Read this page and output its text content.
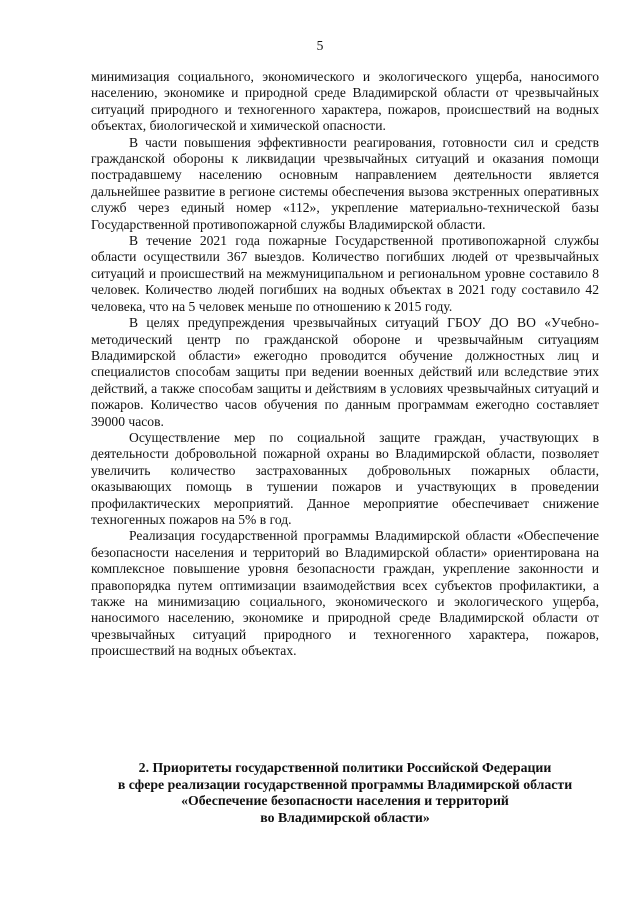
5

минимизация социального, экономического и экологического ущерба, наносимого населению, экономике и природной среде Владимирской области от чрезвычайных ситуаций природного и техногенного характера, пожаров, происшествий на водных объектах, биологической и химической опасности.

В части повышения эффективности реагирования, готовности сил и средств гражданской обороны к ликвидации чрезвычайных ситуаций и оказания помощи пострадавшему населению основным направлением деятельности является дальнейшее развитие в регионе системы обеспечения вызова экстренных оперативных служб через единый номер «112», укрепление материально-технической базы Государственной противопожарной службы Владимирской области.

В течение 2021 года пожарные Государственной противопожарной службы области осуществили 367 выездов. Количество погибших людей от чрезвычайных ситуаций и происшествий на межмуниципальном и региональном уровне составило 8 человек. Количество людей погибших на водных объектах в 2021 году составило 42 человека, что на 5 человек меньше по отношению к 2015 году.

В целях предупреждения чрезвычайных ситуаций ГБОУ ДО ВО «Учебно-методический центр по гражданской обороне и чрезвычайным ситуациям Владимирской области» ежегодно проводится обучение должностных лиц и специалистов способам защиты при ведении военных действий или вследствие этих действий, а также способам защиты и действиям в условиях чрезвычайных ситуаций и пожаров. Количество часов обучения по данным программам ежегодно составляет 39000 часов.

Осуществление мер по социальной защите граждан, участвующих в деятельности добровольной пожарной охраны во Владимирской области, позволяет увеличить количество застрахованных добровольных пожарных области, оказывающих помощь в тушении пожаров и участвующих в проведении профилактических мероприятий. Данное мероприятие обеспечивает снижение техногенных пожаров на 5% в год.

Реализация государственной программы Владимирской области «Обеспечение безопасности населения и территорий во Владимирской области» ориентирована на комплексное повышение уровня безопасности граждан, укрепление законности и правопорядка путем оптимизации взаимодействия всех субъектов профилактики, а также на минимизацию социального, экономического и экологического ущерба, наносимого населению, экономике и природной среде Владимирской области от чрезвычайных ситуаций природного и техногенного характера, пожаров, происшествий на водных объектах.

2. Приоритеты государственной политики Российской Федерации
в сфере реализации государственной программы Владимирской области
«Обеспечение безопасности населения и территорий
во Владимирской области»
